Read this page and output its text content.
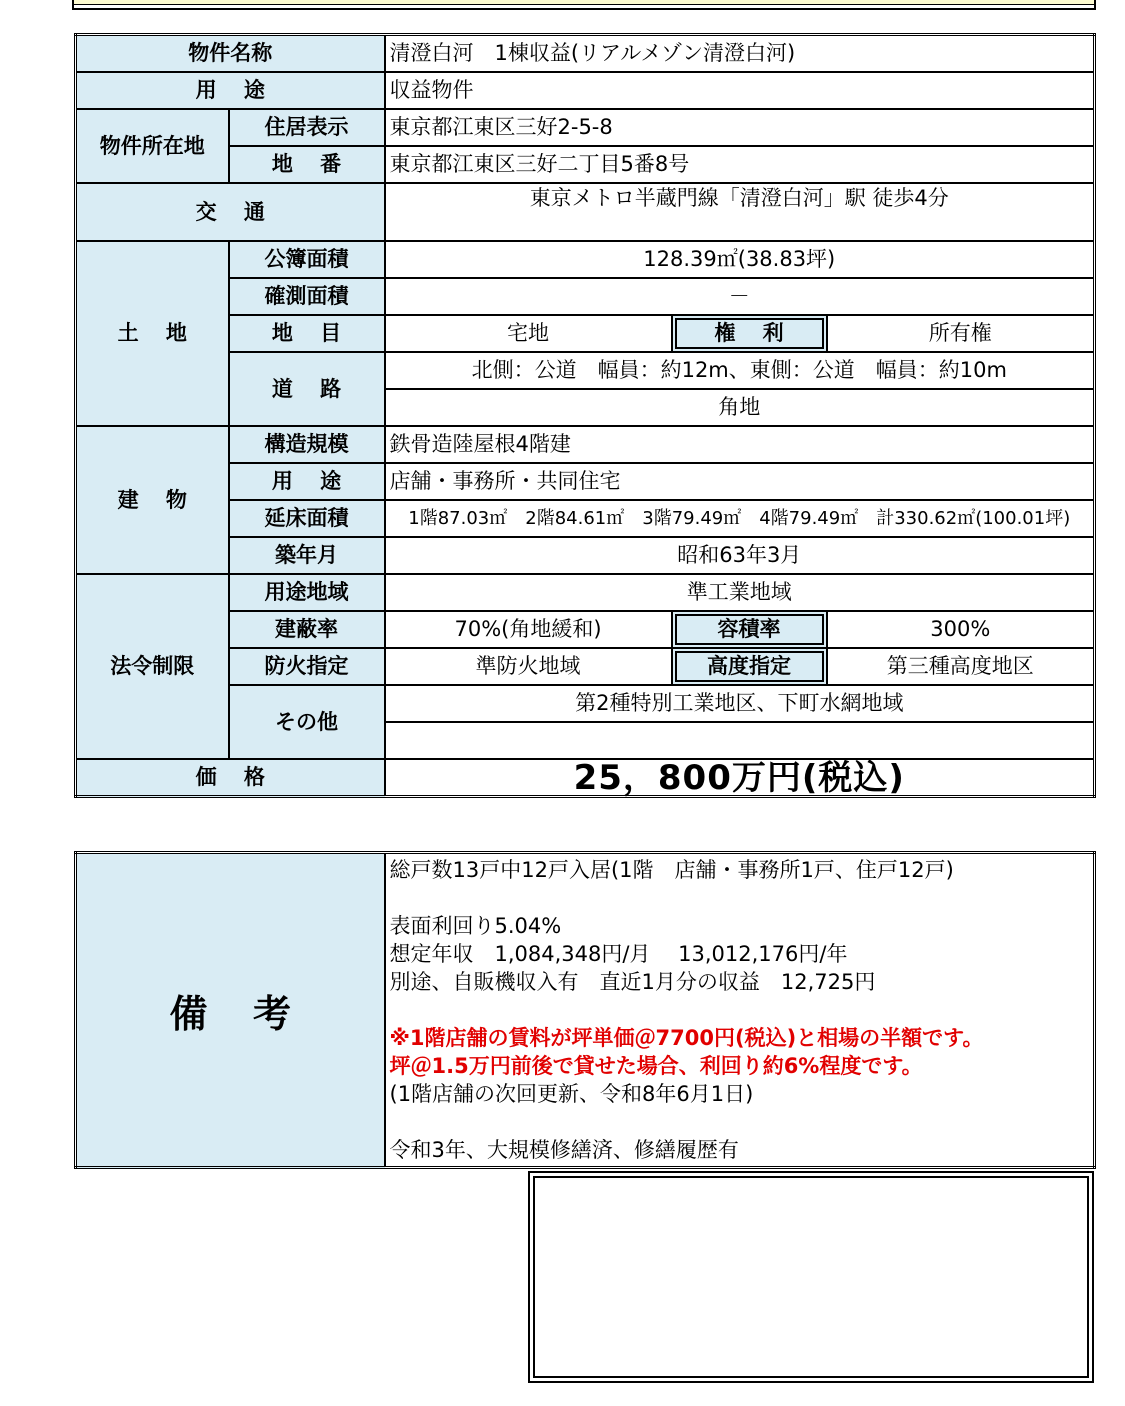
物件名称		清澄白河　1棟収益(リアルメゾン清澄白河)		
用途		収益物件		
物件所在地	住居表示	東京都江東区三好2-5-8		
	地番	東京都江東区三好二丁目5番8号		
交通		東京メトロ半蔵門線「清澄白河」駅 徒歩4分		
土地	公簿面積	128.39㎡(38.83坪)		
	確測面積	－		
	地目	宅地	権利	所有権
	道路	北側：公道　幅員：約12m、東側：公道　幅員：約10m		
		角地		
建物	構造規模	鉄骨造陸屋根4階建		
	用途	店舗・事務所・共同住宅		
	延床面積	1階87.03㎡　2階84.61㎡　3階79.49㎡　4階79.49㎡　計330.62㎡(100.01坪)		
	築年月	昭和63年3月		
法令制限	用途地域	準工業地域		
	建蔽率	70%(角地緩和)	容積率	300%
	防火指定	準防火地域	高度指定	第三種高度地区
	その他	第2種特別工業地区、下町水網地域		

価格		25，800万円(税込)		
備考	
総戸数13戸中12戸入居(1階　店舗・事務所1戸、住戸12戸)
表面利回り5.04%
想定年収　1,084,348円/月　 13,012,176円/年
別途、自販機収入有　直近1月分の収益　12,725円
※1階店舗の賃料が坪単価＠7700円(税込)と相場の半額です。
坪＠1.5万円前後で貸せた場合、利回り約6%程度です。
(1階店舗の次回更新、令和8年6月1日)
令和3年、大規模修繕済、修繕履歴有
